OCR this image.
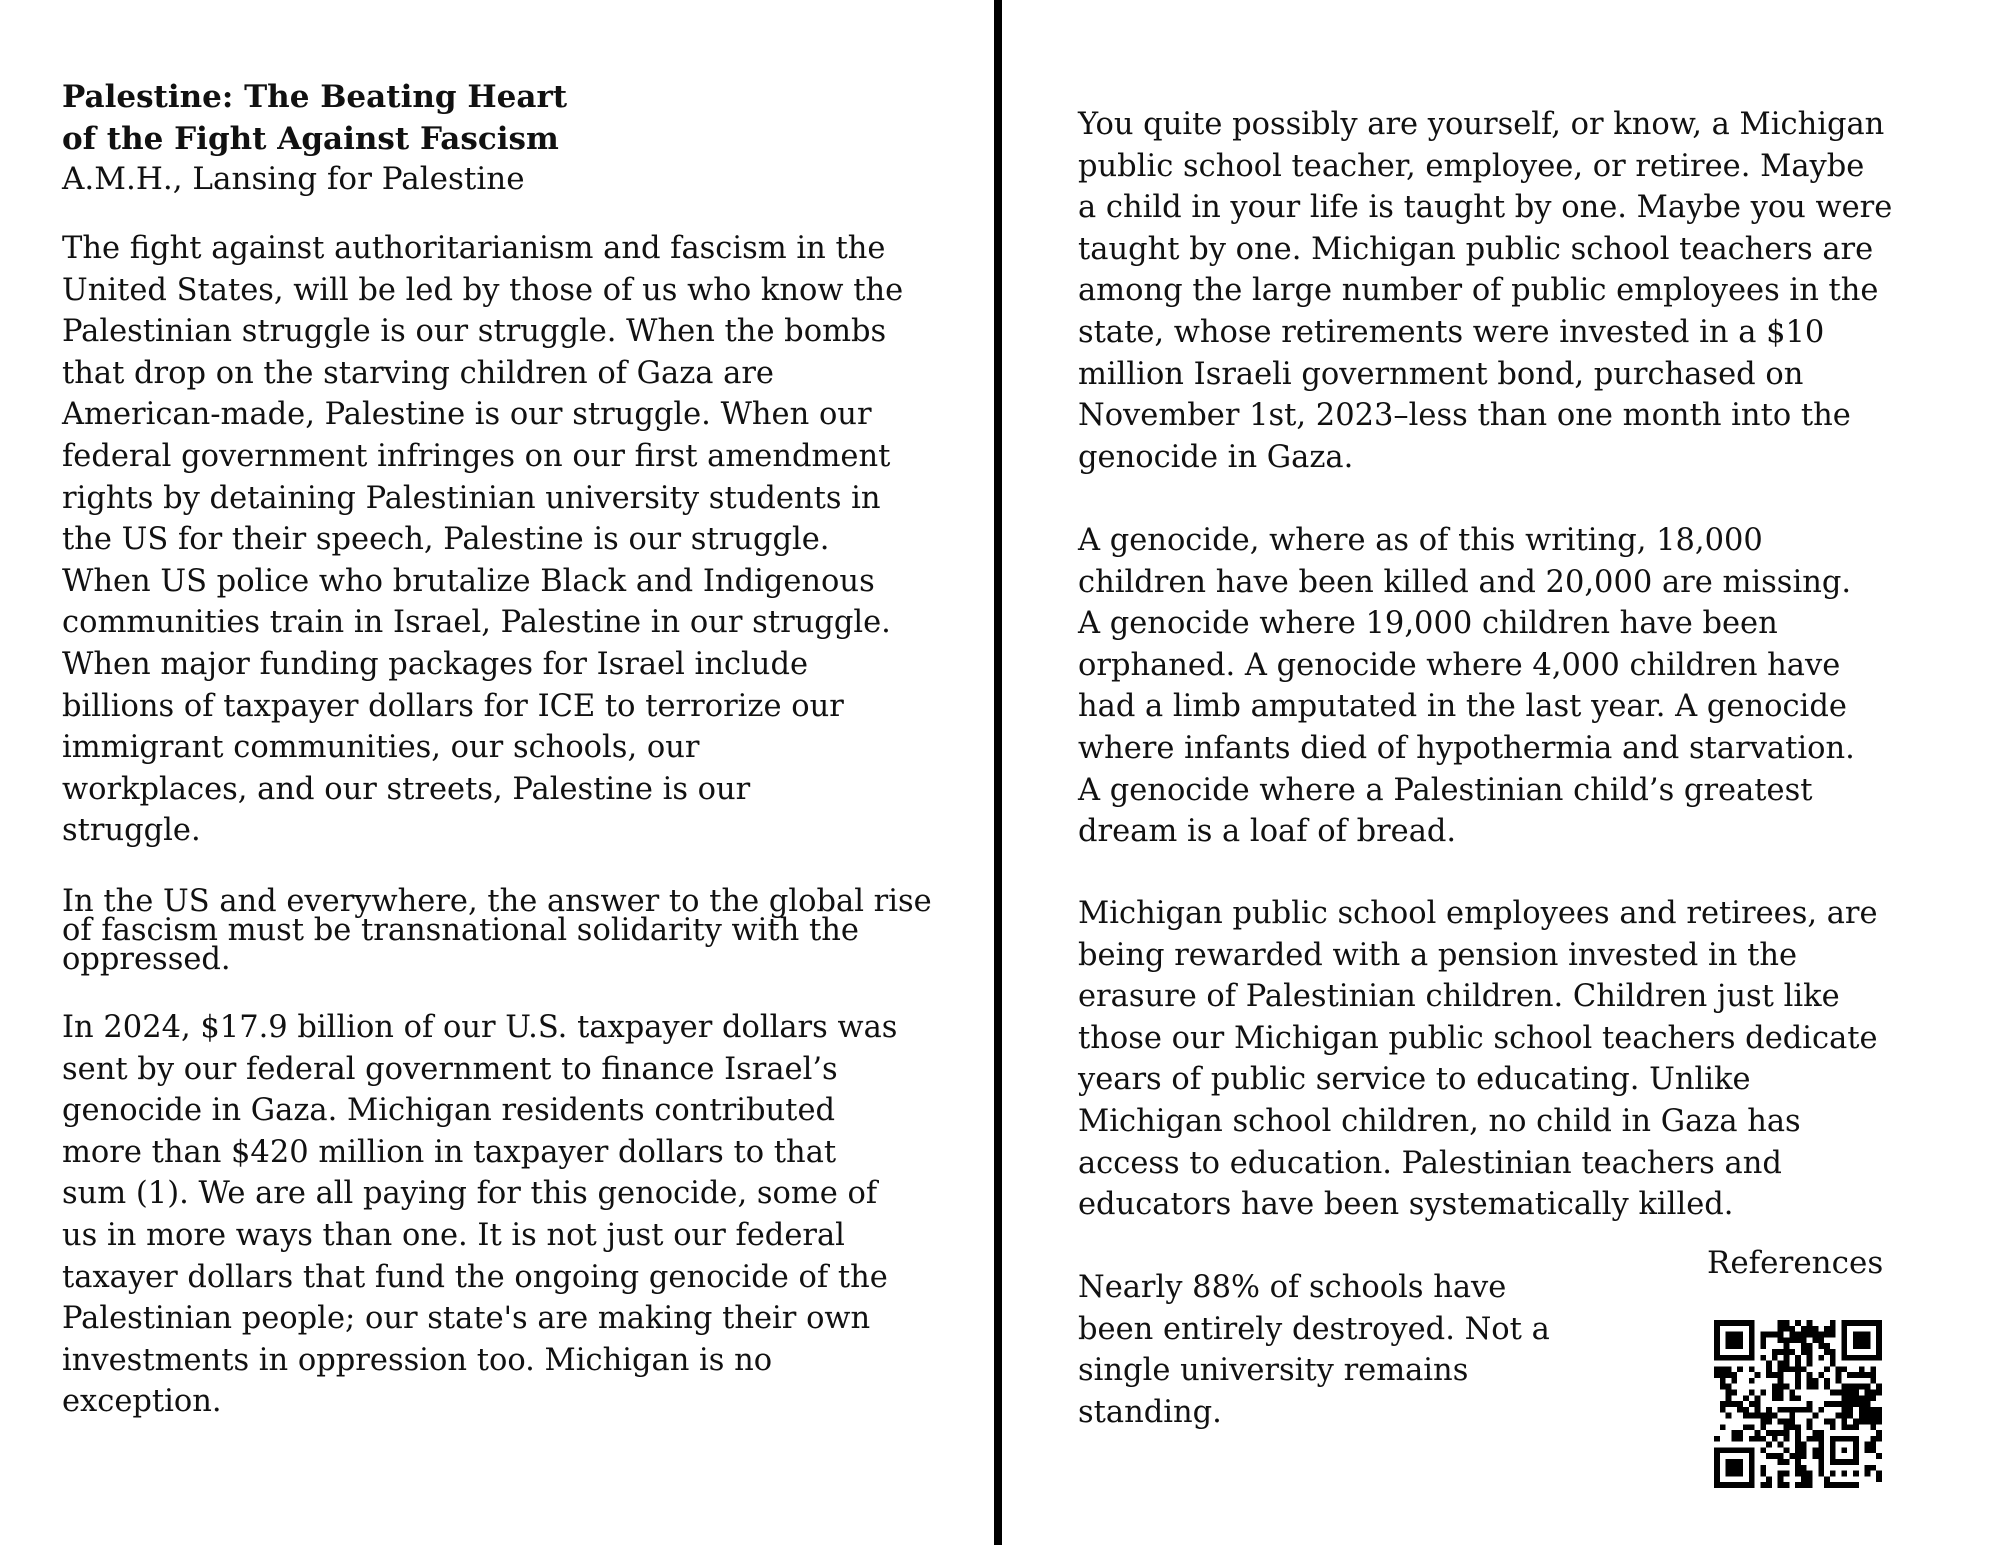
Palestine: The Beating Heart
of the Fight Against Fascism
A.M.H., Lansing for Palestine
The fight against authoritarianism and fascism in the
United States, will be led by those of us who know the
Palestinian struggle is our struggle. When the bombs
that drop on the starving children of Gaza are
American-made, Palestine is our struggle. When our
federal government infringes on our first amendment
rights by detaining Palestinian university students in
the US for their speech, Palestine is our struggle.
When US police who brutalize Black and Indigenous
communities train in Israel, Palestine in our struggle.
When major funding packages for Israel include
billions of taxpayer dollars for ICE to terrorize our
immigrant communities, our schools, our
workplaces, and our streets, Palestine is our
struggle.
In the US and everywhere, the answer to the global rise
of fascism must be transnational solidarity with the
oppressed.
In 2024, $17.9 billion of our U.S. taxpayer dollars was
sent by our federal government to finance Israel’s
genocide in Gaza. Michigan residents contributed
more than $420 million in taxpayer dollars to that
sum (1). We are all paying for this genocide, some of
us in more ways than one. It is not just our federal
taxayer dollars that fund the ongoing genocide of the
Palestinian people; our state's are making their own
investments in oppression too. Michigan is no
exception.
You quite possibly are yourself, or know, a Michigan
public school teacher, employee, or retiree. Maybe
a child in your life is taught by one. Maybe you were
taught by one. Michigan public school teachers are
among the large number of public employees in the
state, whose retirements were invested in a $10
million Israeli government bond, purchased on
November 1st, 2023–less than one month into the
genocide in Gaza.
A genocide, where as of this writing, 18,000
children have been killed and 20,000 are missing.
A genocide where 19,000 children have been
orphaned. A genocide where 4,000 children have
had a limb amputated in the last year. A genocide
where infants died of hypothermia and starvation.
A genocide where a Palestinian child’s greatest
dream is a loaf of bread.
Michigan public school employees and retirees, are
being rewarded with a pension invested in the
erasure of Palestinian children. Children just like
those our Michigan public school teachers dedicate
years of public service to educating. Unlike
Michigan school children, no child in Gaza has
access to education. Palestinian teachers and
educators have been systematically killed.
Nearly 88% of schools have
been entirely destroyed. Not a
single university remains
standing.
References
